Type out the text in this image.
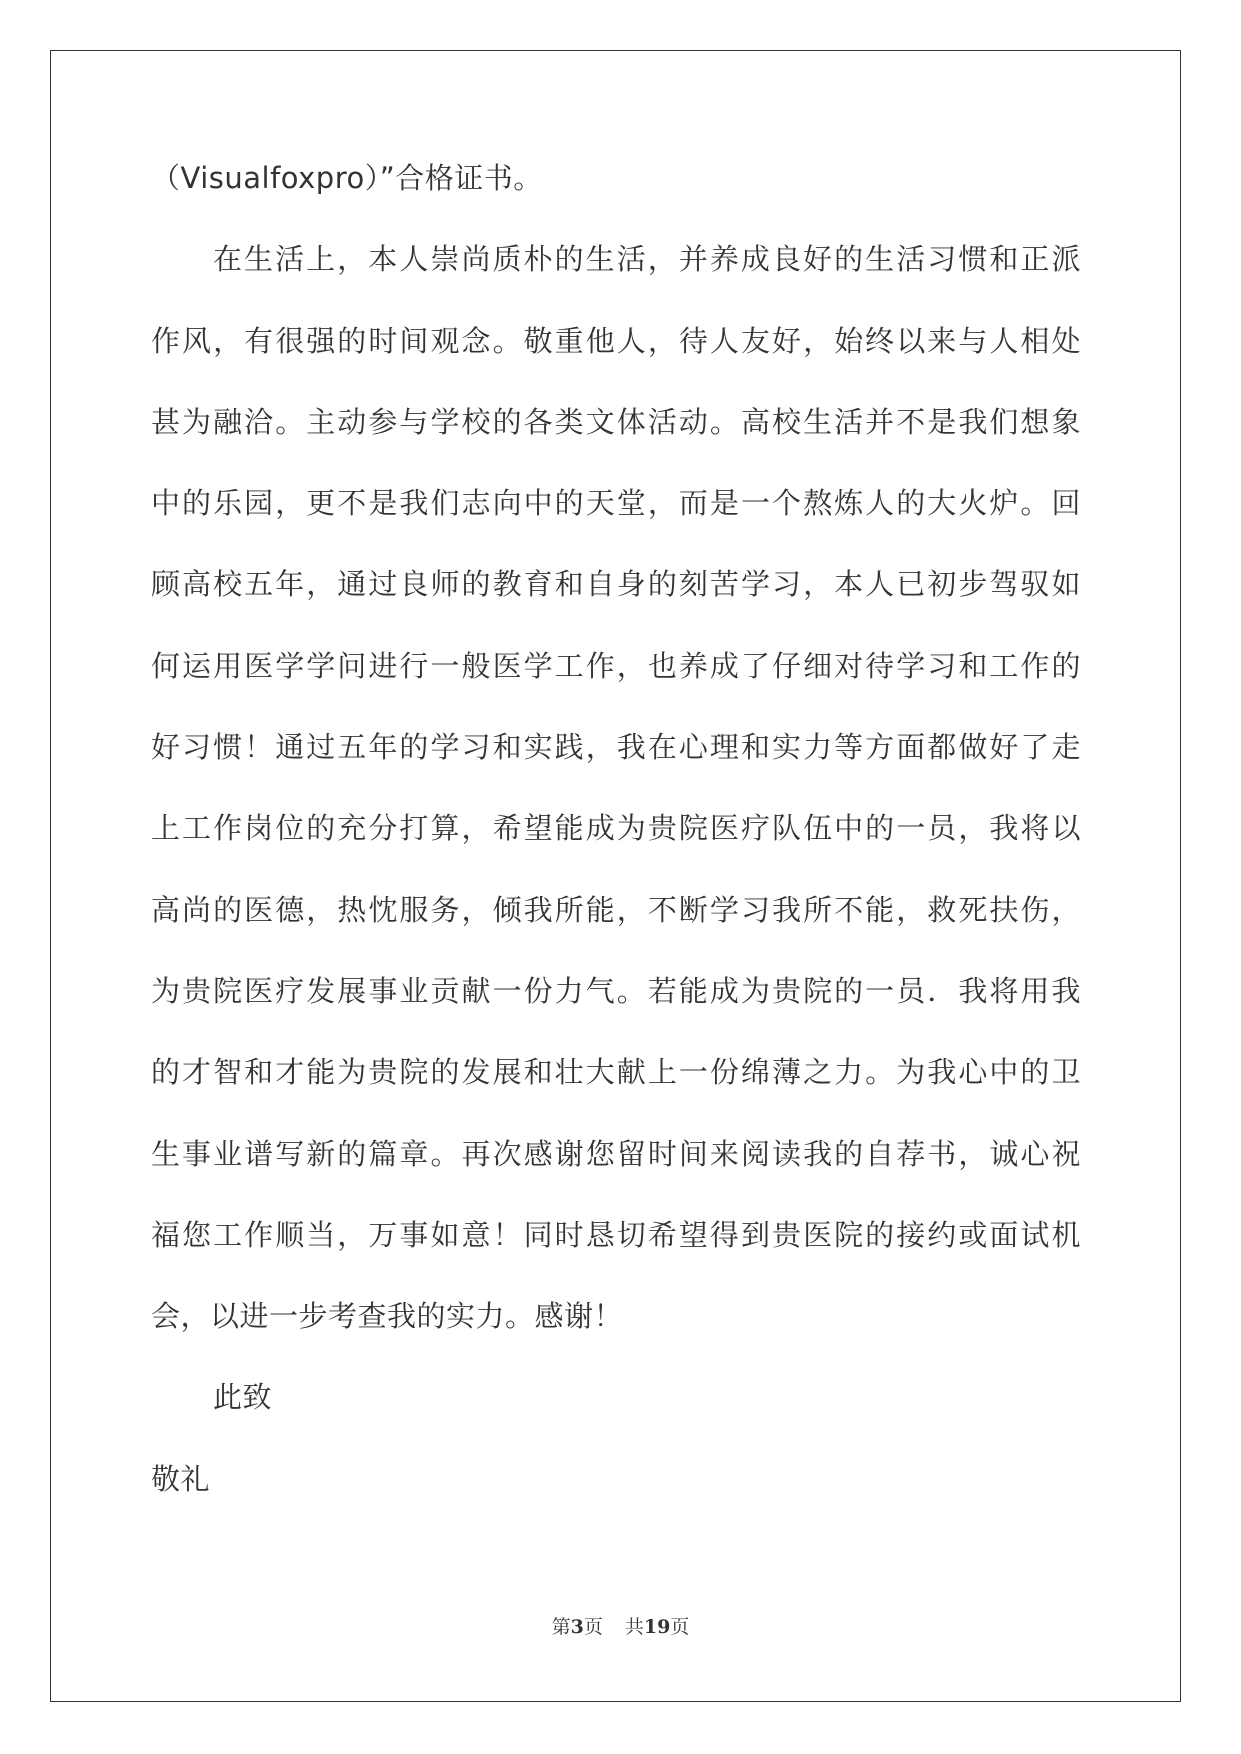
（Visualfoxpro）”合格证书。
在生活上，本人崇尚质朴的生活，并养成良好的生活习惯和正派
作风，有很强的时间观念。敬重他人，待人友好，始终以来与人相处
甚为融洽。主动参与学校的各类文体活动。高校生活并不是我们想象
中的乐园，更不是我们志向中的天堂，而是一个熬炼人的大火炉。回
顾高校五年，通过良师的教育和自身的刻苦学习，本人已初步驾驭如
何运用医学学问进行一般医学工作，也养成了仔细对待学习和工作的
好习惯！通过五年的学习和实践，我在心理和实力等方面都做好了走
上工作岗位的充分打算，希望能成为贵院医疗队伍中的一员，我将以
高尚的医德，热忱服务，倾我所能，不断学习我所不能，救死扶伤，
为贵院医疗发展事业贡献一份力气。若能成为贵院的一员．我将用我
的才智和才能为贵院的发展和壮大献上一份绵薄之力。为我心中的卫
生事业谱写新的篇章。再次感谢您留时间来阅读我的自荐书，诚心祝
福您工作顺当，万事如意！同时恳切希望得到贵医院的接约或面试机
会，以进一步考查我的实力。感谢！
此致
敬礼
第3页 共19页
